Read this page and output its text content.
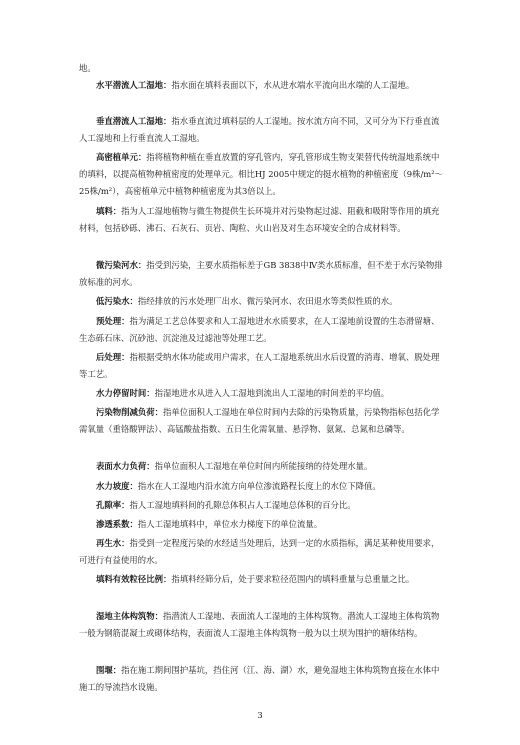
地。
水平潜流人工湿地：指水面在填料表面以下，水从进水端水平流向出水端的人工湿地。
垂直潜流人工湿地：指水垂直流过填料层的人工湿地。按水流方向不同，又可分为下行垂直流人工湿地和上行垂直流人工湿地。
高密植单元：指将植物种植在垂直放置的穿孔管内，穿孔管形成生物支架替代传统湿地系统中的填料，以提高植物种植密度的处理单元。相比HJ 2005中规定的挺水植物的种植密度（9株/m²～25株/m²），高密植单元中植物种植密度为其3倍以上。
填料：指为人工湿地植物与微生物提供生长环境并对污染物起过滤、阻截和吸附等作用的填充材料，包括砂砾、沸石、石灰石、页岩、陶粒、火山岩及对生态环境安全的合成材料等。
微污染河水：指受到污染，主要水质指标差于GB 3838中Ⅳ类水质标准，但不差于水污染物排放标准的河水。
低污染水：指经排放的污水处理厂出水、微污染河水、农田退水等类似性质的水。
预处理：指为满足工艺总体要求和人工湿地进水水质要求，在人工湿地前设置的生态滑留塘、生态砾石床、沉砂池、沉淀池及过滤池等处理工艺。
后处理：指根据受纳水体功能或用户需求，在人工湿地系统出水后设置的消毒、增氧、脱处理等工艺。
水力停留时间：指湿地进水从进入人工湿地到流出人工湿地的时间差的平均值。
污染物削减负荷：指单位面积人工湿地在单位时间内去除的污染物质量，污染物指标包括化学需氧量（重铬酸钾法）、高锰酸盐指数、五日生化需氧量、悬浮物、氨氮、总氮和总磷等。
表面水力负荷：指单位面积人工湿地在单位时间内所能接纳的待处理水量。
水力坡度：指水在人工湿地内沿水流方向单位渗流路程长度上的水位下降值。
孔隙率：指人工湿地填料间的孔隙总体积占人工湿地总体积的百分比。
渗透系数：指人工湿地填料中，单位水力梯度下的单位流量。
再生水：指受到一定程度污染的水经适当处理后，达到一定的水质指标，满足某种使用要求，可进行有益使用的水。
填料有效粒径比例：指填料经筛分后，处于要求粒径范围内的填料重量与总重量之比。
湿地主体构筑物：指潜流人工湿地、表面流人工湿地的主体构筑物。潜流人工湿地主体构筑物一般为钢筋混凝土或砌体结构，表面流人工湿地主体构筑物一般为以土坝为围护的塘体结构。
围堰：指在施工期间围护基坑，挡住河（江、海、湖）水，避免湿地主体构筑物直接在水体中施工的导流挡水设施。
3
